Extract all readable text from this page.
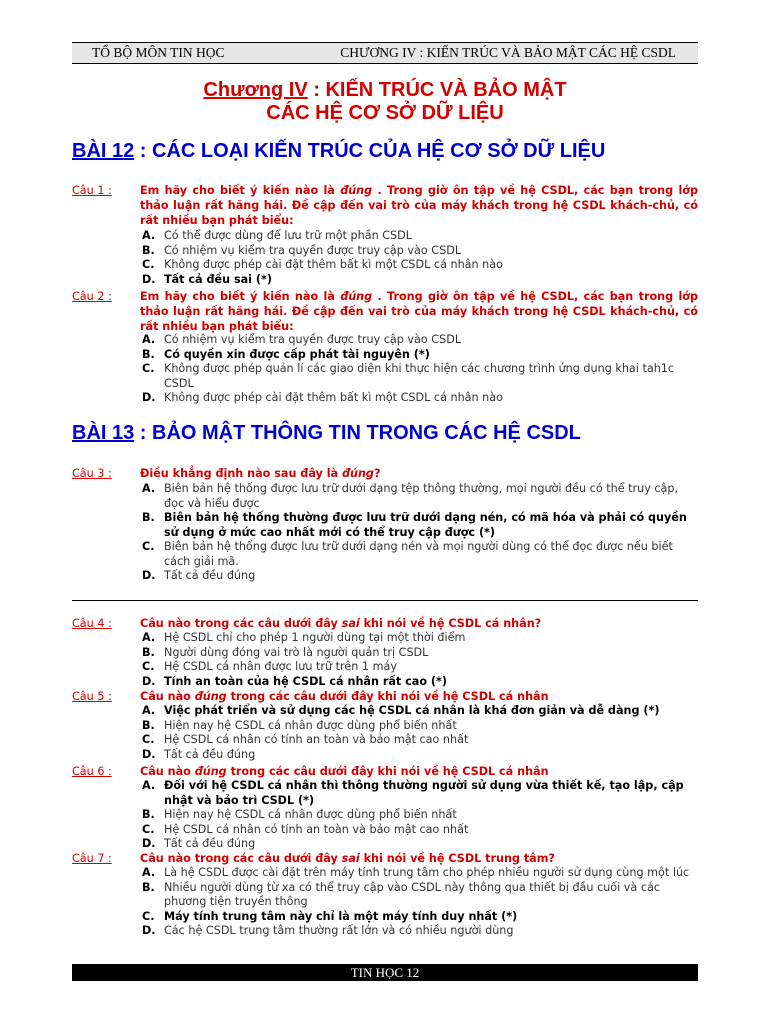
TỔ BỘ MÔN TIN HỌC	CHƯƠNG IV : KIẾN TRÚC VÀ BẢO MẬT CÁC HỆ CSDL
Chương IV : KIẾN TRÚC VÀ BẢO MẬT
CÁC HỆ CƠ SỞ DỮ LIỆU
BÀI 12 : CÁC LOẠI KIẾN TRÚC CỦA HỆ CƠ SỞ DỮ LIỆU
Câu 1 :	Em hãy cho biết ý kiến nào là đúng . Trong giờ ôn tập về hệ CSDL, các bạn trong lớp thảo luận rất hăng hái. Đề cập đến vai trò của máy khách trong hệ CSDL khách-chủ, có rất nhiều bạn phát biểu:
A. Có thể được dùng để lưu trữ một phần CSDL
B. Có nhiệm vụ kiểm tra quyền được truy cập vào CSDL
C. Không được phép cài đặt thêm bất kì một CSDL cá nhân nào
D. Tất cả đều sai (*)
Câu 2 :	Em hãy cho biết ý kiến nào là đúng . Trong giờ ôn tập về hệ CSDL, các bạn trong lớp thảo luận rất hăng hái. Đề cập đến vai trò của máy khách trong hệ CSDL khách-chủ, có rất nhiều bạn phát biểu:
A. Có nhiệm vụ kiểm tra quyền được truy cập vào CSDL
B. Có quyền xin được cấp phát tài nguyên (*)
C. Không được phép quản lí các giao diện khi thực hiện các chương trình ứng dụng khai tah1c CSDL
D. Không được phép cài đặt thêm bất kì một CSDL cá nhân nào
BÀI 13 : BẢO MẬT THÔNG TIN TRONG CÁC HỆ CSDL
Câu 3 :	Điều khẳng định nào sau đây là đúng?
A. Biên bản hệ thống được lưu trữ dưới dạng tệp thông thường, mọi người đều có thể truy cập, đọc và hiểu được
B. Biên bản hệ thống thường được lưu trữ dưới dạng nén, có mã hóa và phải có quyền sử dụng ở mức cao nhất mới có thể truy cập được (*)
C. Biên bản hệ thống được lưu trữ dưới dạng nén và mọi người dùng có thể đọc được nếu biết cách giải mã.
D. Tất cả đều đúng
Câu 4 :	Câu nào trong các câu dưới đây sai khi nói về hệ CSDL cá nhân?
A. Hệ CSDL chỉ cho phép 1 người dùng tại một thời điểm
B. Người dùng đóng vai trò là người quản trị CSDL
C. Hệ CSDL cá nhân được lưu trữ trên 1 máy
D. Tính an toàn của hệ CSDL cá nhân rất cao (*)
Câu 5 :	Câu nào đúng trong các câu dưới đây khi nói về hệ CSDL cá nhân
A. Việc phát triển và sử dụng các hệ CSDL cá nhân là khá đơn giản và dễ dàng (*)
B. Hiện nay hệ CSDL cá nhân được dùng phổ biến nhất
C. Hệ CSDL cá nhân có tính an toàn và bảo mật cao nhất
D. Tất cả đều đúng
Câu 6 :	Câu nào đúng trong các câu dưới đây khi nói về hệ CSDL cá nhân
A. Đối với hệ CSDL cá nhân thì thông thường người sử dụng vừa thiết kế, tạo lập, cập nhật và bảo trì CSDL (*)
B. Hiện nay hệ CSDL cá nhân được dùng phổ biến nhất
C. Hệ CSDL cá nhân có tính an toàn và bảo mật cao nhất
D. Tất cả đều đúng
Câu 7 :	Câu nào trong các câu dưới đây sai khi nói về hệ CSDL trung tâm?
A. Là hệ CSDL được cài đặt trên máy tính trung tâm cho phép nhiều người sử dụng cùng một lúc
B. Nhiều người dùng từ xa có thể truy cập vào CSDL này thông qua thiết bị đầu cuối và các phương tiện truyền thông
C. Máy tính trung tâm này chỉ là một máy tính duy nhất (*)
D. Các hệ CSDL trung tâm thường rất lớn và có nhiều người dùng
TIN HỌC 12
